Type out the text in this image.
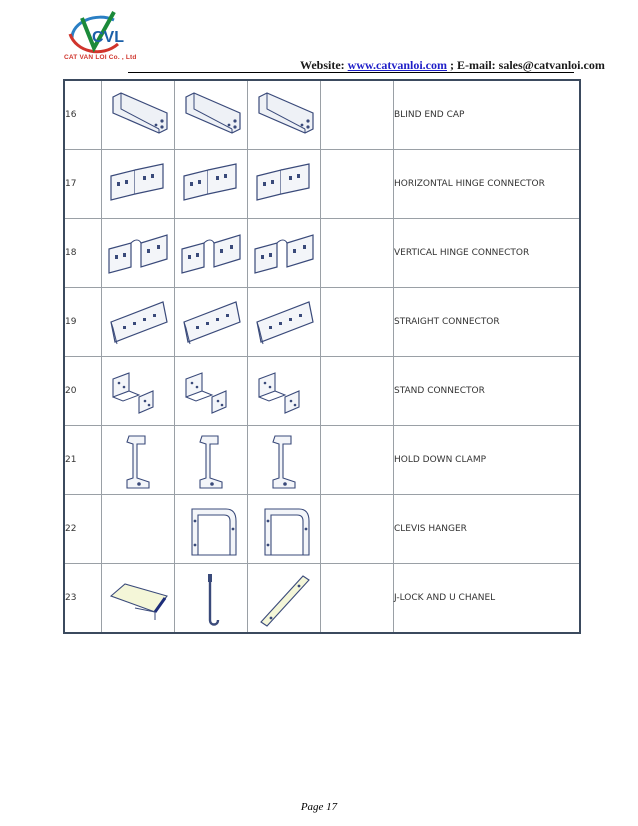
CVL
CAT VAN LOI Co. , Ltd
Website: www.catvanloi.com ; E-mail: sales@catvanloi.com
16					BLIND END CAP
17					HORIZONTAL HINGE CONNECTOR
18					VERTICAL HINGE CONNECTOR
19					STRAIGHT CONNECTOR
20					STAND CONNECTOR
21					HOLD DOWN CLAMP
22					CLEVIS HANGER
23					J-LOCK AND U CHANEL
Page 17
